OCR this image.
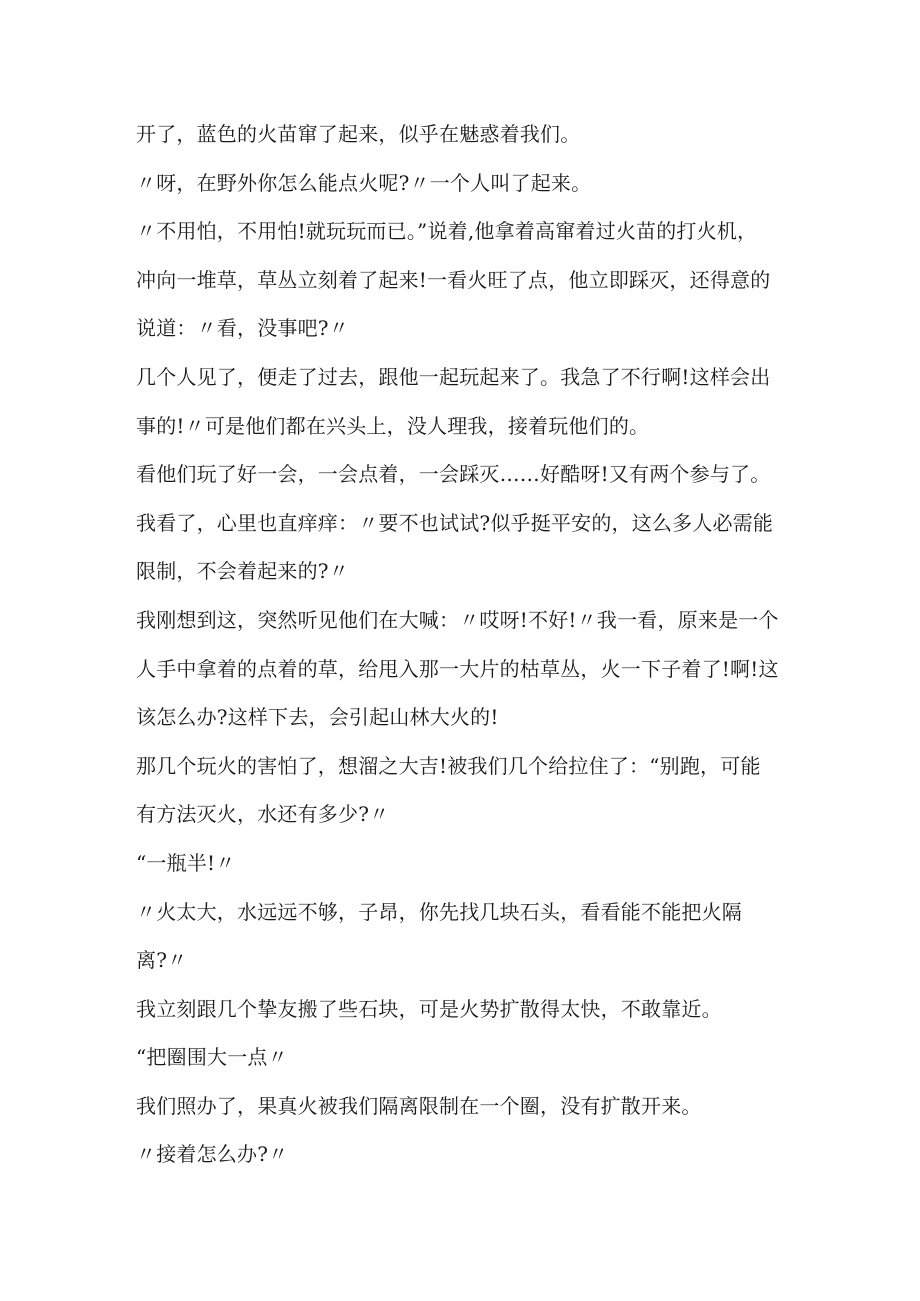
开了，蓝色的火苗窜了起来，似乎在魅惑着我们。
〃呀，在野外你怎么能点火呢?〃一个人叫了起来。
〃不用怕，不用怕!就玩玩而已。”说着,他拿着高窜着过火苗的打火机，
冲向一堆草，草丛立刻着了起来!一看火旺了点，他立即踩灭，还得意的
说道：〃看，没事吧?〃
几个人见了，便走了过去，跟他一起玩起来了。我急了不行啊!这样会出
事的!〃可是他们都在兴头上，没人理我，接着玩他们的。
看他们玩了好一会，一会点着，一会踩灭……好酷呀!又有两个参与了。
我看了，心里也直痒痒：〃要不也试试?似乎挺平安的，这么多人必需能
限制，不会着起来的?〃
我刚想到这，突然听见他们在大喊：〃哎呀!不好!〃我一看，原来是一个
人手中拿着的点着的草，给甩入那一大片的枯草丛，火一下子着了!啊!这
该怎么办?这样下去，会引起山林大火的!
那几个玩火的害怕了，想溜之大吉!被我们几个给拉住了：“别跑，可能
有方法灭火，水还有多少?〃
“一瓶半!〃
〃火太大，水远远不够，子昂，你先找几块石头，看看能不能把火隔
离?〃
我立刻跟几个挚友搬了些石块，可是火势扩散得太快，不敢靠近。
“把圈围大一点〃
我们照办了，果真火被我们隔离限制在一个圈，没有扩散开来。
〃接着怎么办?〃
